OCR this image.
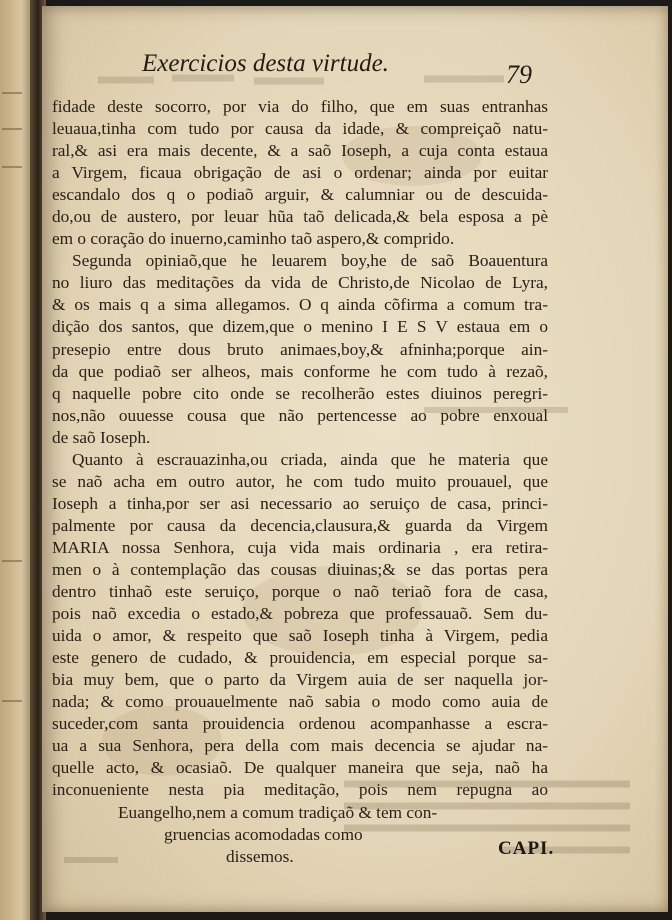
Exercicios desta virtude.	79
fidade deste socorro, por via do filho, que em suas entranhas
leuaua,tinha com tudo por causa da idade, & compreiçaõ natu-
ral,& asi era mais decente, & a saõ Ioseph, a cuja conta estaua
a Virgem, ficaua obrigação de asi o ordenar; ainda por euitar
escandalo dos q o podiaõ arguir, & calumniar ou de descuida-
do,ou de austero, por leuar hũa taõ delicada,& bela esposa a pè
em o coração do inuerno,caminho taõ aspero,& comprido.
Segunda opiniaõ,que he leuarem boy,he de saõ Boauentura
no liuro das meditações da vida de Christo,de Nicolao de Lyra,
& os mais q a sima allegamos. O q ainda cõfirma a comum tra-
dição dos santos, que dizem,que o menino I E S V estaua em o
presepio entre dous bruto animaes,boy,& afninha;porque ain-
da que podiaõ ser alheos, mais conforme he com tudo à rezaõ,
q naquelle pobre cito onde se recolherão estes diuinos peregri-
nos,não ouuesse cousa que não pertencesse ao pobre enxoual
de saõ Ioseph.
Quanto à escrauazinha,ou criada, ainda que he materia que
se naõ acha em outro autor, he com tudo muito prouauel, que
Ioseph a tinha,por ser asi necessario ao seruiço de casa, princi-
palmente por causa da decencia,clausura,& guarda da Virgem
MARIA nossa Senhora, cuja vida mais ordinaria , era retira-
men o à contemplação das cousas diuinas;& se das portas pera
dentro tinhaõ este seruiço, porque o naõ teriaõ fora de casa,
pois naõ excedia o estado,& pobreza que professauaõ. Sem du-
uida o amor, & respeito que saõ Ioseph tinha à Virgem, pedia
este genero de cudado, & prouidencia, em especial porque sa-
bia muy bem, que o parto da Virgem auia de ser naquella jor-
nada; & como prouauelmente naõ sabia o modo como auia de
suceder,com santa prouidencia ordenou acompanhasse a escra-
ua a sua Senhora, pera della com mais decencia se ajudar na-
quelle acto, & ocasiaõ. De qualquer maneira que seja, naõ ha
inconueniente nesta pia meditação, pois nem repugna ao
Euangelho,nem a comum tradiçaõ & tem con-
gruencias acomodadas como
dissemos.	CAPI.
